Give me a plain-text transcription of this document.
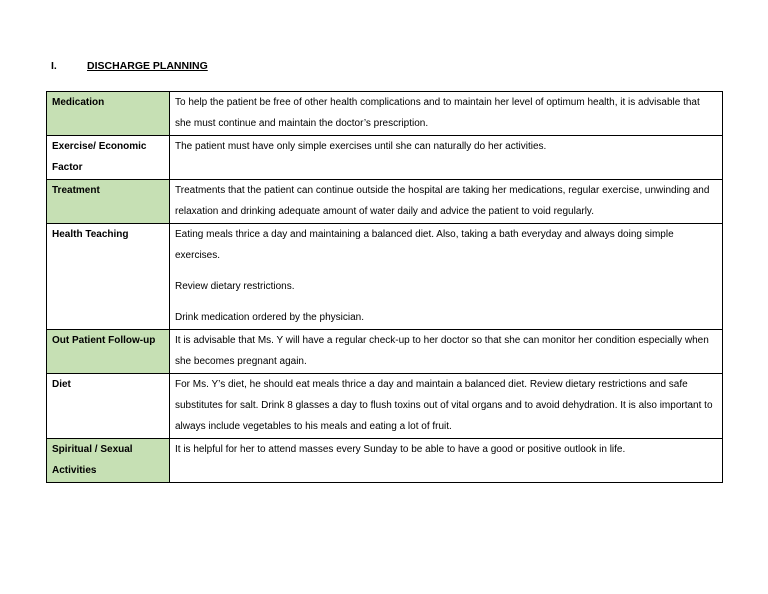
I.	DISCHARGE PLANNING
Medication	To help the patient be free of other health complications and to maintain her level of optimum health, it is advisable that she must continue and maintain the doctor’s prescription.

Exercise/ Economic Factor	The patient must have only simple exercises until she can naturally do her activities.

Treatment	Treatments that the patient can continue outside the hospital are taking her medications, regular exercise, unwinding and relaxation and drinking adequate amount of water daily and advice the patient to void regularly.

Health Teaching	Eating meals thrice a day and maintaining a balanced diet. Also, taking a bath everyday and always doing simple exercises.

Review dietary restrictions.

Drink medication ordered by the physician.

Out Patient Follow-up	It is advisable that Ms. Y will have a regular check-up to her doctor so that she can monitor her condition especially when she becomes pregnant again.

Diet	For Ms. Y’s diet, he should eat meals thrice a day and maintain a balanced diet. Review dietary restrictions and safe substitutes for salt. Drink 8 glasses a day to flush toxins out of vital organs and to avoid dehydration. It is also important to always include vegetables to his meals and eating a lot of fruit.

Spiritual / Sexual Activities	It is helpful for her to attend masses every Sunday to be able to have a good or positive outlook in life.
